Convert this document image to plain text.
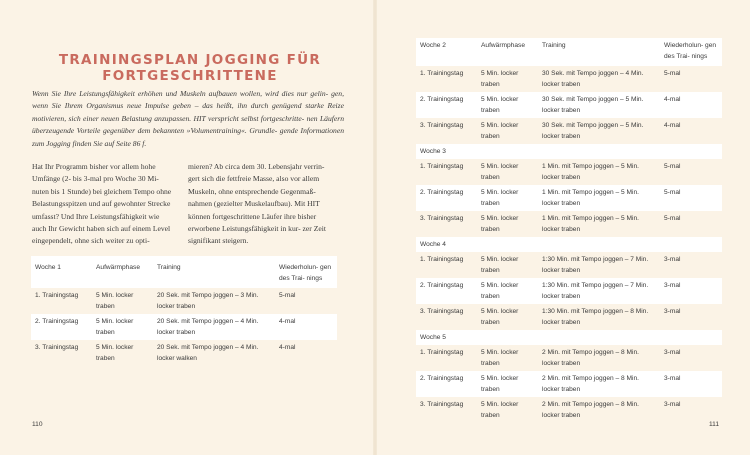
TRAININGSPLAN JOGGING FÜR
FORTGESCHRITTENE

Wenn Sie Ihre Leistungsfähigkeit erhöhen und Muskeln aufbauen wollen, wird dies nur gelin- gen, wenn Sie Ihrem Organismus neue Impulse geben – das heißt, ihn durch genügend starke Reize motivieren, sich einer neuen Belastung anzupassen. HIT verspricht selbst fortgeschritte- nen Läufern überzeugende Vorteile gegenüber dem bekannten »Volumentraining«. Grundle- gende Informationen zum Jogging finden Sie auf Seite 86 f.

Hat Ihr Programm bisher vor allem hohe Umfänge (2- bis 3-mal pro Woche 30 Mi- nuten bis 1 Stunde) bei gleichem Tempo ohne Belastungsspitzen und auf gewohnter Strecke umfasst? Und Ihre Leistungsfähigkeit wie auch Ihr Gewicht haben sich auf einem Level eingependelt, ohne sich weiter zu opti-

mieren? Ab circa dem 30. Lebensjahr verrin- gert sich die fettfreie Masse, also vor allem Muskeln, ohne entsprechende Gegenmaß- nahmen (gezielter Muskelaufbau). Mit HIT können fortgeschrittene Läufer ihre bisher erworbene Leistungsfähigkeit in kur- zer Zeit signifikant steigern.

Woche 1	Aufwärmphase	Training	Wiederholun- gen des Trai- nings
1. Trainingstag	5 Min. locker traben	20 Sek. mit Tempo joggen – 3 Min. locker traben	5-mal
2. Trainingstag	5 Min. locker traben	20 Sek. mit Tempo joggen – 4 Min. locker traben	4-mal
3. Trainingstag	5 Min. locker traben	20 Sek. mit Tempo joggen – 4 Min. locker walken	4-mal
110
Woche 2	Aufwärmphase	Training	Wiederholun- gen des Trai- nings
1. Trainingstag	5 Min. locker traben	30 Sek. mit Tempo joggen – 4 Min. locker traben	5-mal
2. Trainingstag	5 Min. locker traben	30 Sek. mit Tempo joggen – 5 Min. locker traben	4-mal
3. Trainingstag	5 Min. locker traben	30 Sek. mit Tempo joggen – 5 Min. locker traben	4-mal
Woche 3			
1. Trainingstag	5 Min. locker traben	1 Min. mit Tempo joggen – 5 Min. locker traben	5-mal
2. Trainingstag	5 Min. locker traben	1 Min. mit Tempo joggen – 5 Min. locker traben	5-mal
3. Trainingstag	5 Min. locker traben	1 Min. mit Tempo joggen – 5 Min. locker traben	5-mal
Woche 4			
1. Trainingstag	5 Min. locker traben	1:30 Min. mit Tempo joggen – 7 Min. locker traben	3-mal
2. Trainingstag	5 Min. locker traben	1:30 Min. mit Tempo joggen – 7 Min. locker traben	3-mal
3. Trainingstag	5 Min. locker traben	1:30 Min. mit Tempo joggen – 8 Min. locker traben	3-mal
Woche 5			
1. Trainingstag	5 Min. locker traben	2 Min. mit Tempo joggen – 8 Min. locker traben	3-mal
2. Trainingstag	5 Min. locker traben	2 Min. mit Tempo joggen – 8 Min. locker traben	3-mal
3. Trainingstag	5 Min. locker traben	2 Min. mit Tempo joggen – 8 Min. locker traben	3-mal
111
